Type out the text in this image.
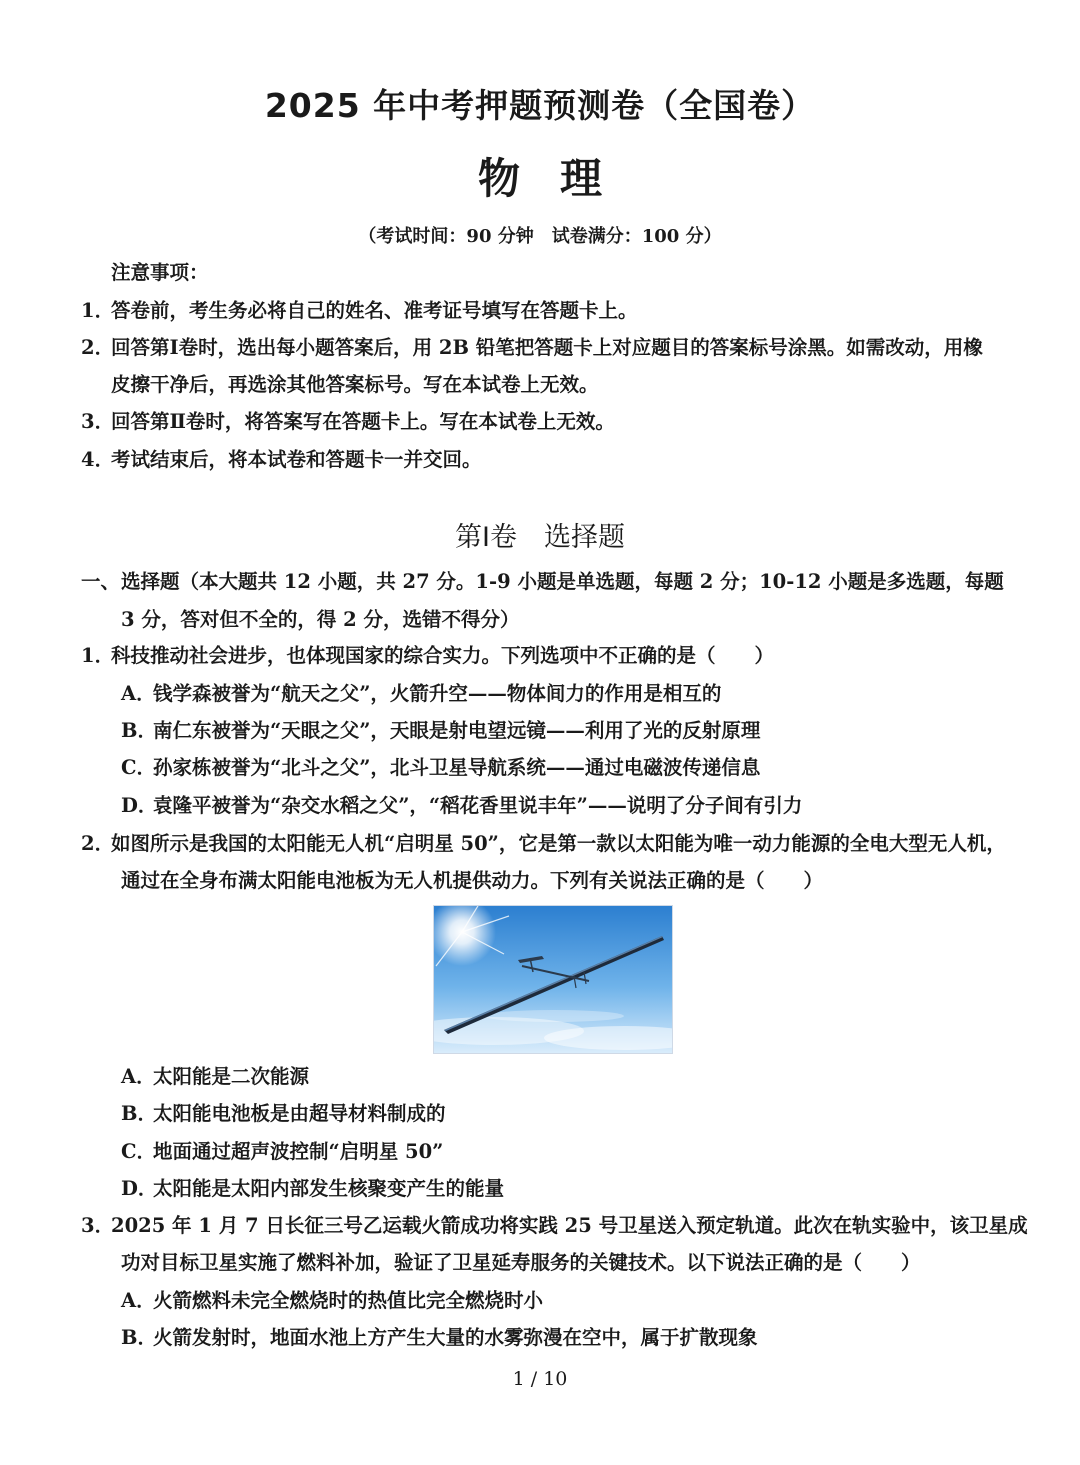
2025 年中考押题预测卷（全国卷）
物理
（考试时间：90 分钟　试卷满分：100 分）
注意事项：
1．
答卷前，考生务必将自己的姓名、准考证号填写在答题卡上。
2．
回答第Ⅰ卷时，选出每小题答案后，用 2B 铅笔把答题卡上对应题目的答案标号涂黑。如需改动，用橡
皮擦干净后，再选涂其他答案标号。写在本试卷上无效。
3．
回答第Ⅱ卷时，将答案写在答题卡上。写在本试卷上无效。
4．
考试结束后，将本试卷和答题卡一并交回。
第Ⅰ卷　选择题
一、 选择题（本大题共 12 小题，共 27 分。1-9 小题是单选题，每题 2 分；10-12 小题是多选题，每题
3 分，答对但不全的，得 2 分，选错不得分）
1．
科技推动社会进步，也体现国家的综合实力。下列选项中不正确的是（　　）
A．
钱学森被誉为“航天之父”，火箭升空——物体间力的作用是相互的
B．
南仁东被誉为“天眼之父”，天眼是射电望远镜——利用了光的反射原理
C．
孙家栋被誉为“北斗之父”，北斗卫星导航系统——通过电磁波传递信息
D．
袁隆平被誉为“杂交水稻之父”，“稻花香里说丰年”——说明了分子间有引力
2．
如图所示是我国的太阳能无人机“启明星 50”，它是第一款以太阳能为唯一动力能源的全电大型无人机，
通过在全身布满太阳能电池板为无人机提供动力。下列有关说法正确的是（　　）
A．
太阳能是二次能源
B．
太阳能电池板是由超导材料制成的
C．
地面通过超声波控制“启明星 50”
D．
太阳能是太阳内部发生核聚变产生的能量
3．
2025 年 1 月 7 日长征三号乙运载火箭成功将实践 25 号卫星送入预定轨道。此次在轨实验中，该卫星成
功对目标卫星实施了燃料补加，验证了卫星延寿服务的关键技术。以下说法正确的是（　　）
A．
火箭燃料未完全燃烧时的热值比完全燃烧时小
B．
火箭发射时，地面水池上方产生大量的水雾弥漫在空中，属于扩散现象
1 / 10
